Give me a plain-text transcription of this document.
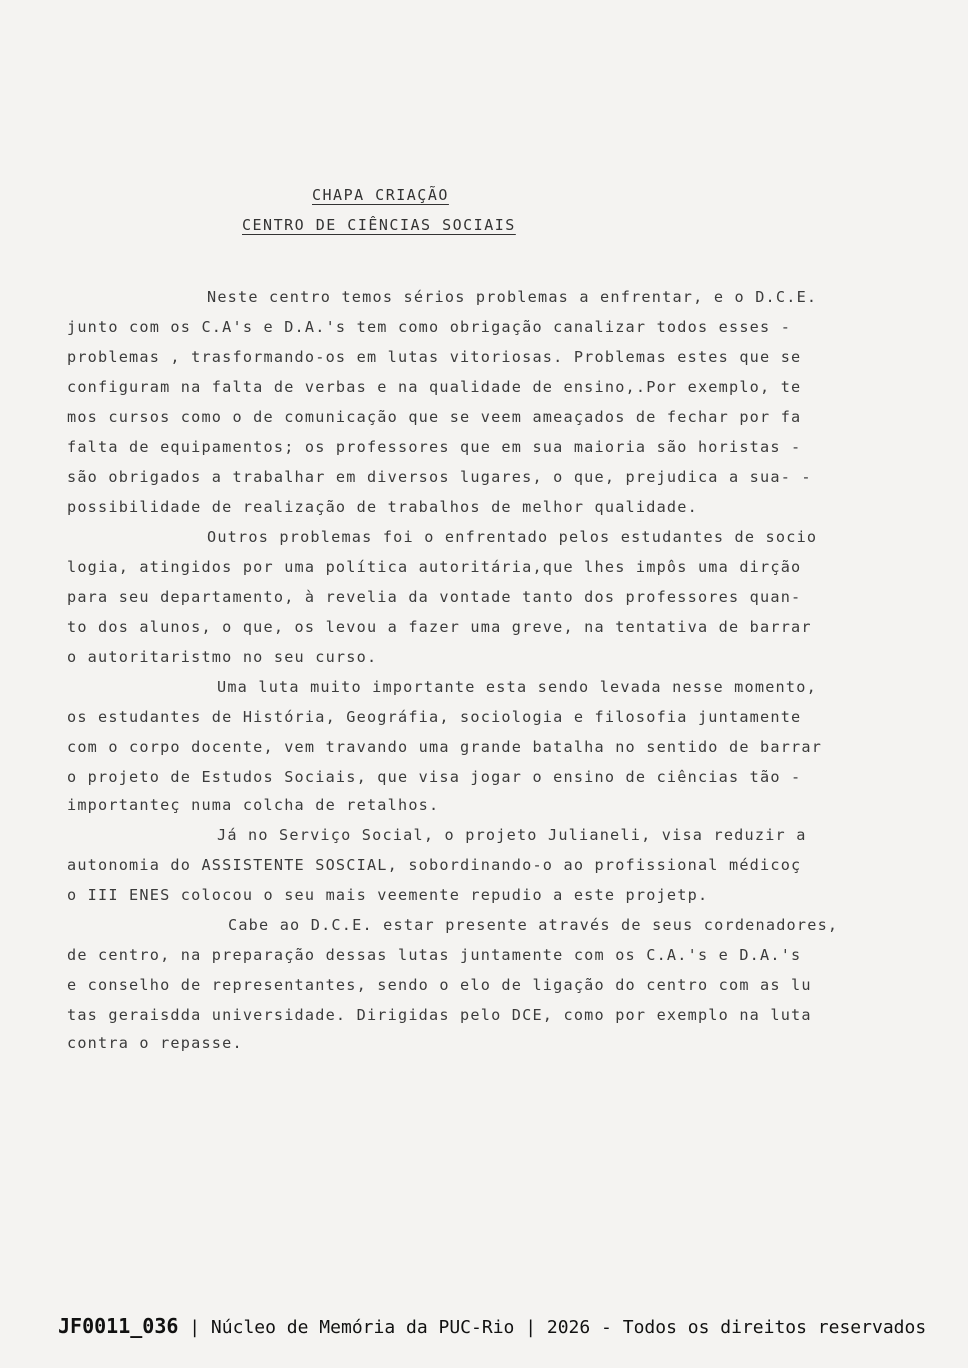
CHAPA CRIAÇÃO
CENTRO DE CIÊNCIAS SOCIAIS
Neste centro temos sérios problemas a enfrentar, e o D.C.E.
junto com os C.A's e D.A.'s tem como obrigação canalizar todos esses -
problemas , trasformando-os em lutas vitoriosas. Problemas estes que se
configuram na falta de verbas e na qualidade de ensino,.Por exemplo, te
mos cursos como o de comunicação que se veem ameaçados de fechar por fa
falta de equipamentos; os professores que em sua maioria são horistas -
são obrigados a trabalhar em diversos lugares, o que, prejudica a sua- -
possibilidade de realização de trabalhos de melhor qualidade.
Outros problemas foi o enfrentado pelos estudantes de socio
logia, atingidos por uma política autoritária,que lhes impôs uma dirção
para seu departamento, à revelia da vontade tanto dos professores quan-
to dos alunos, o que, os levou a fazer uma greve, na tentativa de barrar
o autoritaristmo no seu curso.
Uma luta muito importante esta sendo levada nesse momento,
os estudantes de História, Geográfia, sociologia e filosofia juntamente
com o corpo docente, vem travando uma grande batalha no sentido de barrar
o projeto de Estudos Sociais, que visa jogar o ensino de ciências tão -
importanteç numa colcha de retalhos.
Já no Serviço Social, o projeto Julianeli, visa reduzir a
autonomia do ASSISTENTE SOSCIAL, sobordinando-o ao profissional médicoç
o III ENES colocou o seu mais veemente repudio a este projetp.
Cabe ao D.C.E. estar presente através de seus cordenadores,
de centro, na preparação dessas lutas juntamente com os C.A.'s e D.A.'s
e conselho de representantes, sendo o elo de ligação do centro com as lu
tas geraisdda universidade. Dirigidas pelo DCE, como por exemplo na luta
contra o repasse.
JF0011_036 | Núcleo de Memória da PUC-Rio | 2026 - Todos os direitos reservados
